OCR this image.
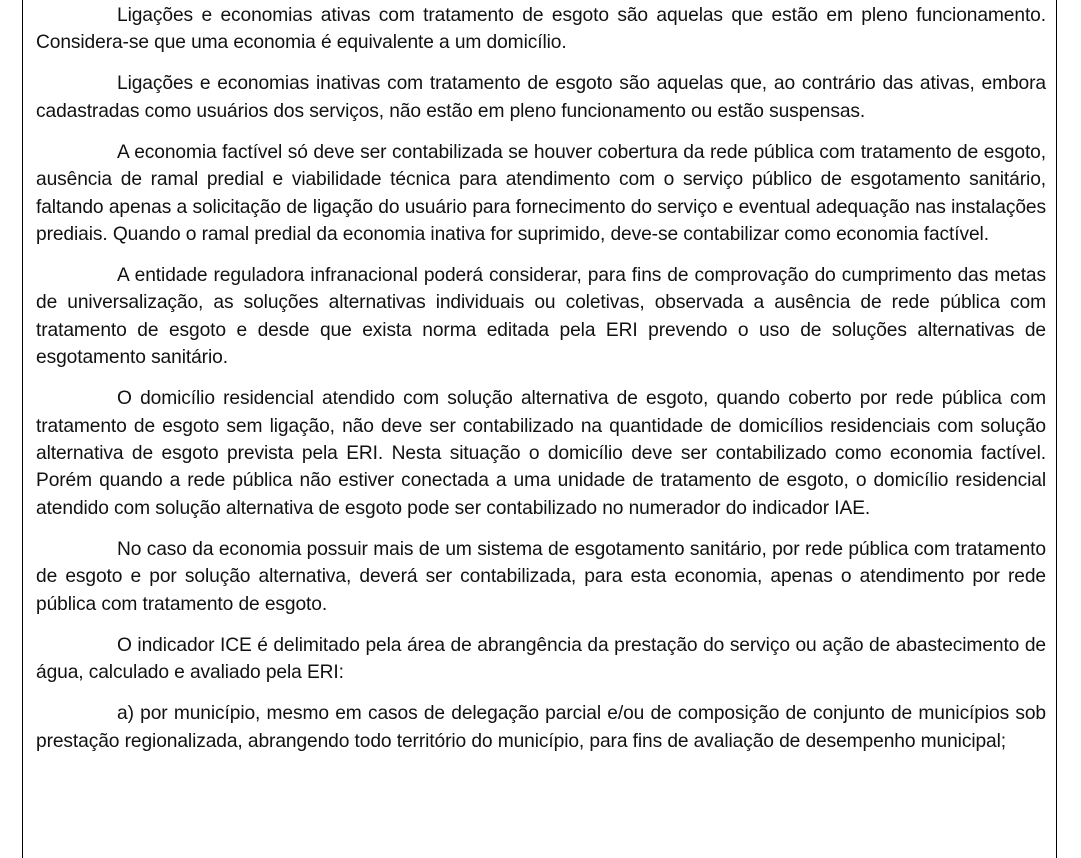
Ligações e economias ativas com tratamento de esgoto são aquelas que estão em pleno funcionamento. Considera-se que uma economia é equivalente a um domicílio.

Ligações e economias inativas com tratamento de esgoto são aquelas que, ao contrário das ativas, embora cadastradas como usuários dos serviços, não estão em pleno funcionamento ou estão suspensas.

A economia factível só deve ser contabilizada se houver cobertura da rede pública com tratamento de esgoto, ausência de ramal predial e viabilidade técnica para atendimento com o serviço público de esgotamento sanitário, faltando apenas a solicitação de ligação do usuário para fornecimento do serviço e eventual adequação nas instalações prediais. Quando o ramal predial da economia inativa for suprimido, deve-se contabilizar como economia factível.

A entidade reguladora infranacional poderá considerar, para fins de comprovação do cumprimento das metas de universalização, as soluções alternativas individuais ou coletivas, observada a ausência de rede pública com tratamento de esgoto e desde que exista norma editada pela ERI prevendo o uso de soluções alternativas de esgotamento sanitário.

O domicílio residencial atendido com solução alternativa de esgoto, quando coberto por rede pública com tratamento de esgoto sem ligação, não deve ser contabilizado na quantidade de domicílios residenciais com solução alternativa de esgoto prevista pela ERI. Nesta situação o domicílio deve ser contabilizado como economia factível. Porém quando a rede pública não estiver conectada a uma unidade de tratamento de esgoto, o domicílio residencial atendido com solução alternativa de esgoto pode ser contabilizado no numerador do indicador IAE.

No caso da economia possuir mais de um sistema de esgotamento sanitário, por rede pública com tratamento de esgoto e por solução alternativa, deverá ser contabilizada, para esta economia, apenas o atendimento por rede pública com tratamento de esgoto.

O indicador ICE é delimitado pela área de abrangência da prestação do serviço ou ação de abastecimento de água, calculado e avaliado pela ERI:

a) por município, mesmo em casos de delegação parcial e/ou de composição de conjunto de municípios sob prestação regionalizada, abrangendo todo território do município, para fins de avaliação de desempenho municipal;
